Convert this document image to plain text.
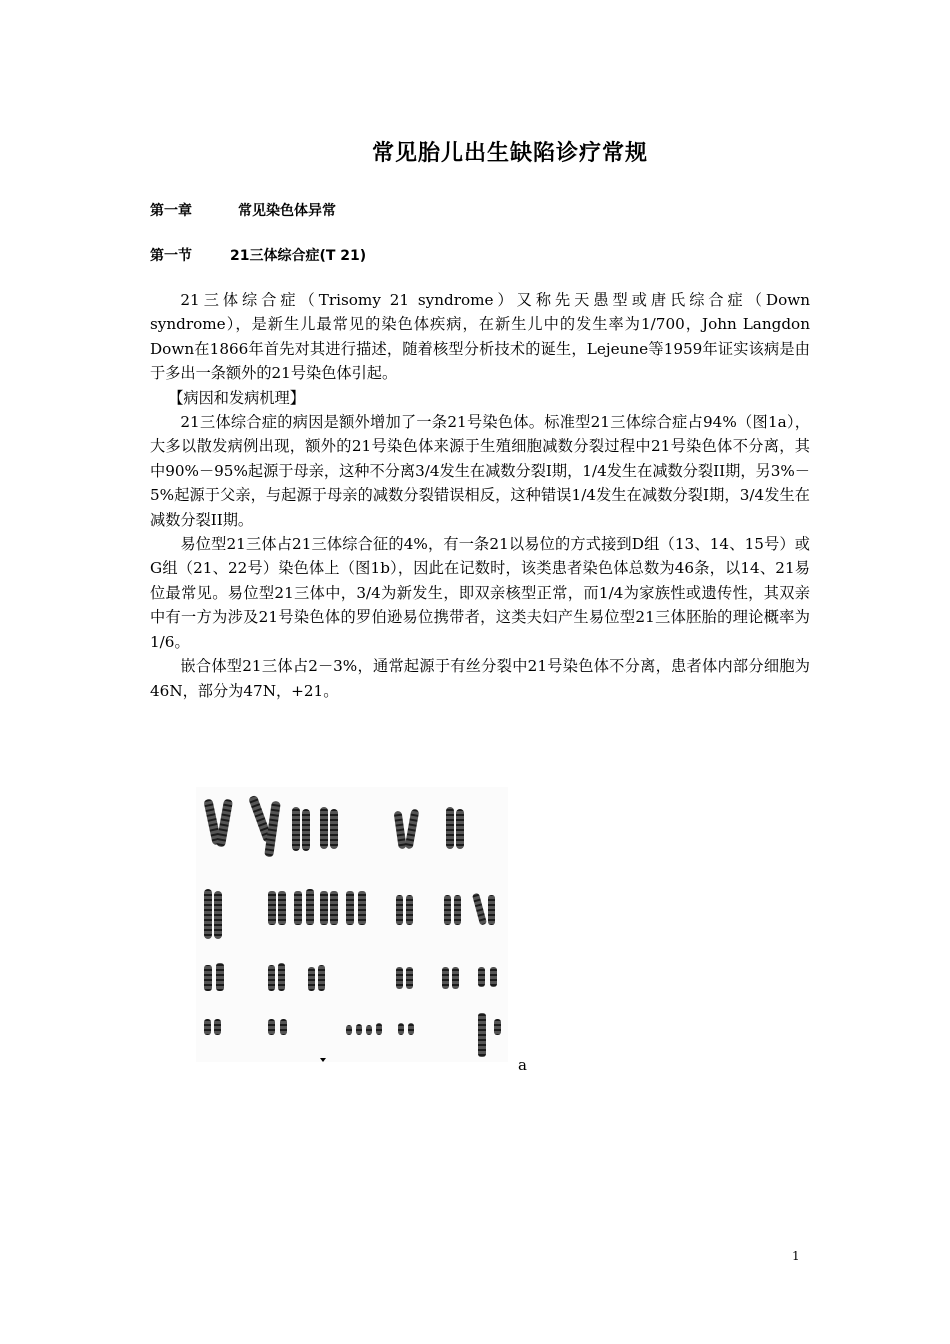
常见胎儿出生缺陷诊疗常规
第一章	常见染色体异常
第一节	21三体综合症(T 21)

21三体综合症（Trisomy 21 syndrome）又称先天愚型或唐氏综合症（Down syndrome），是新生儿最常见的染色体疾病，在新生儿中的发生率为1/700，John Langdon Down在1866年首先对其进行描述，随着核型分析技术的诞生，Lejeune等1959年证实该病是由于多出一条额外的21号染色体引起。

【病因和发病机理】

21三体综合症的病因是额外增加了一条21号染色体。标准型21三体综合症占94%（图1a），大多以散发病例出现，额外的21号染色体来源于生殖细胞减数分裂过程中21号染色体不分离，其中90%－95%起源于母亲，这种不分离3/4发生在减数分裂I期，1/4发生在减数分裂II期，另3%－5%起源于父亲，与起源于母亲的减数分裂错误相反，这种错误1/4发生在减数分裂I期，3/4发生在减数分裂II期。

易位型21三体占21三体综合征的4%，有一条21以易位的方式接到D组（13、14、15号）或G组（21、22号）染色体上（图1b），因此在记数时，该类患者染色体总数为46条，以14、21易位最常见。易位型21三体中，3/4为新发生，即双亲核型正常，而1/4为家族性或遗传性，其双亲中有一方为涉及21号染色体的罗伯逊易位携带者，这类夫妇产生易位型21三体胚胎的理论概率为1/6。

嵌合体型21三体占2－3%，通常起源于有丝分裂中21号染色体不分离，患者体内部分细胞为46N，部分为47N，+21。

a
1
